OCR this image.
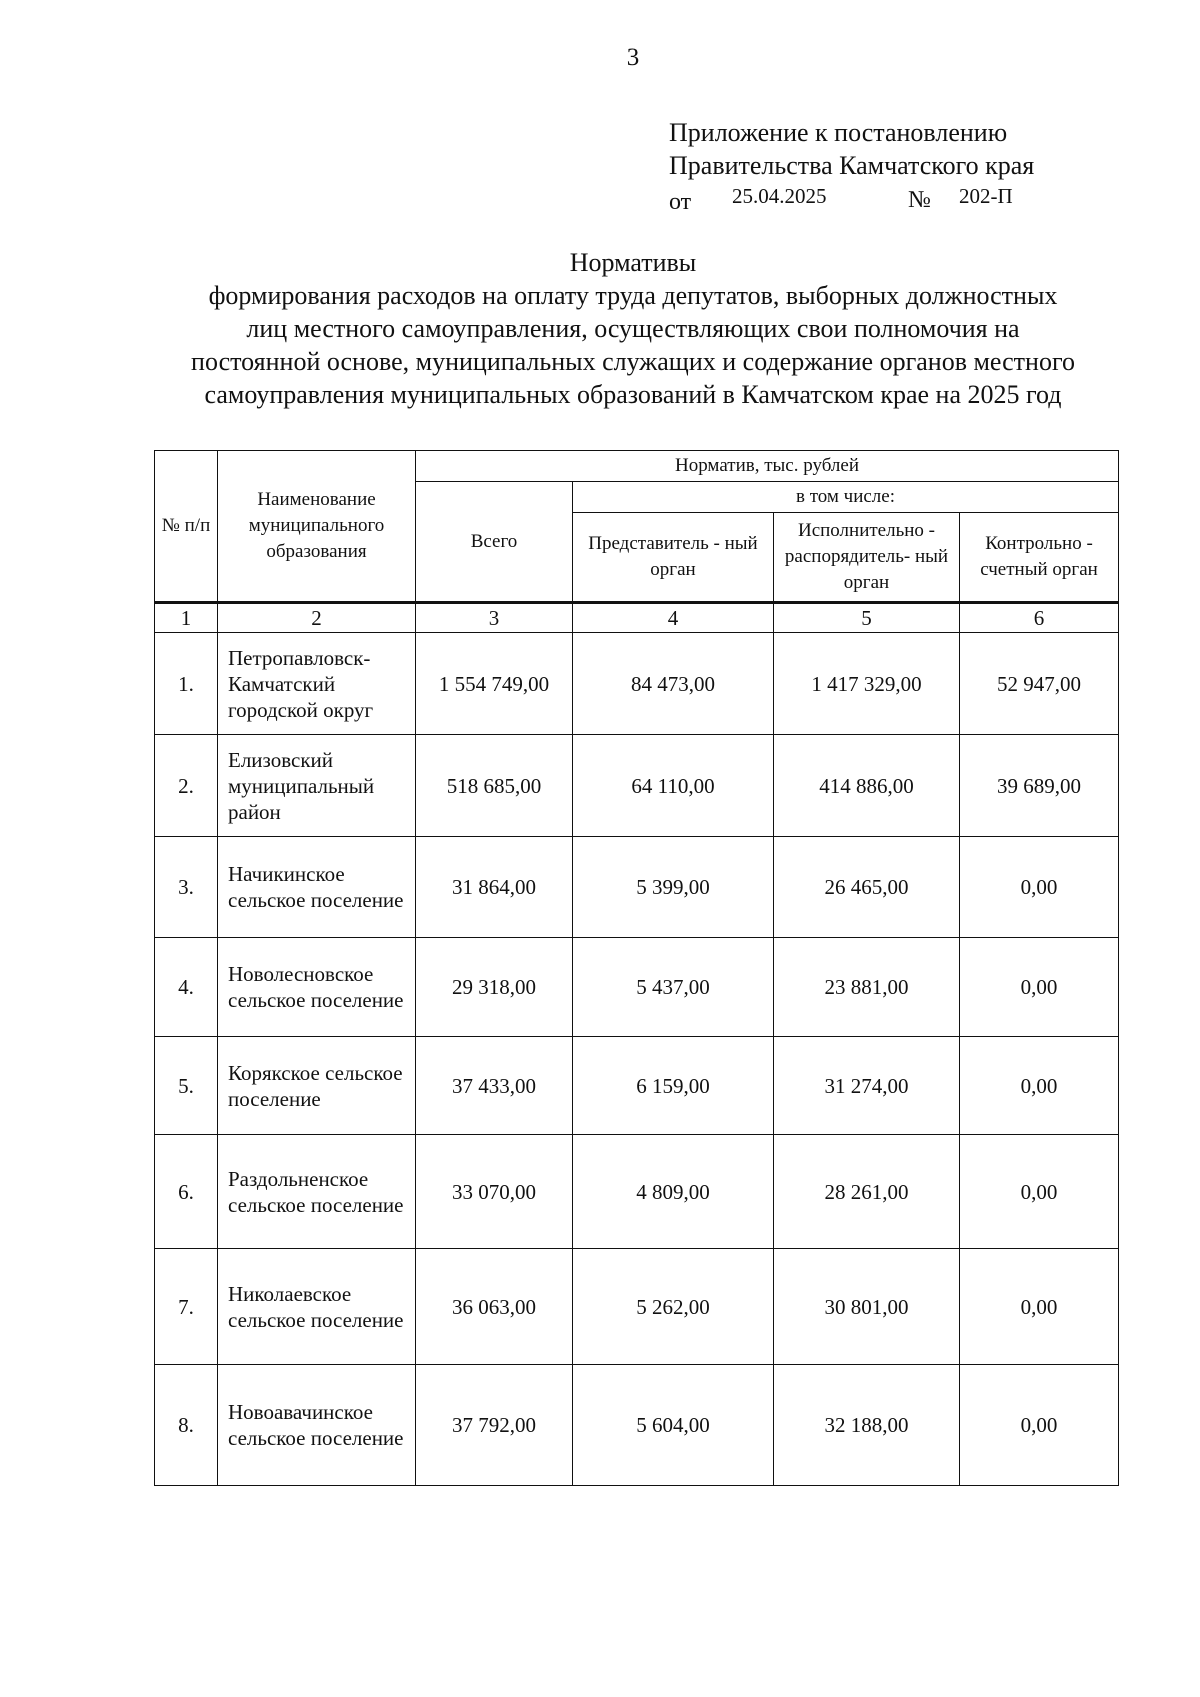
3
Приложение к постановлению
Правительства Камчатского края
от 25.04.2025	№ 202-П
Нормативы
формирования расходов на оплату труда депутатов, выборных должностных
лиц местного самоуправления, осуществляющих свои полномочия на
постоянной основе, муниципальных служащих и содержание органов местного
самоуправления муниципальных образований в Камчатском крае на 2025 год
№ п/п	Наименование муниципального образования	Норматив, тыс. рублей			
		Всего	в том числе:		
			Представитель - ный орган	Исполнительно - распорядитель- ный орган	Контрольно - счетный орган
1	2	3	4	5	6
1.	Петропавловск-Камчатский городской округ	1 554 749,00	84 473,00	1 417 329,00	52 947,00
2.	Елизовский муниципальный район	518 685,00	64 110,00	414 886,00	39 689,00
3.	Начикинское сельское поселение	31 864,00	5 399,00	26 465,00	0,00
4.	Новолесновское сельское поселение	29 318,00	5 437,00	23 881,00	0,00
5.	Корякское сельское поселение	37 433,00	6 159,00	31 274,00	0,00
6.	Раздольненское сельское поселение	33 070,00	4 809,00	28 261,00	0,00
7.	Николаевское сельское поселение	36 063,00	5 262,00	30 801,00	0,00
8.	Новоавачинское сельское поселение	37 792,00	5 604,00	32 188,00	0,00
